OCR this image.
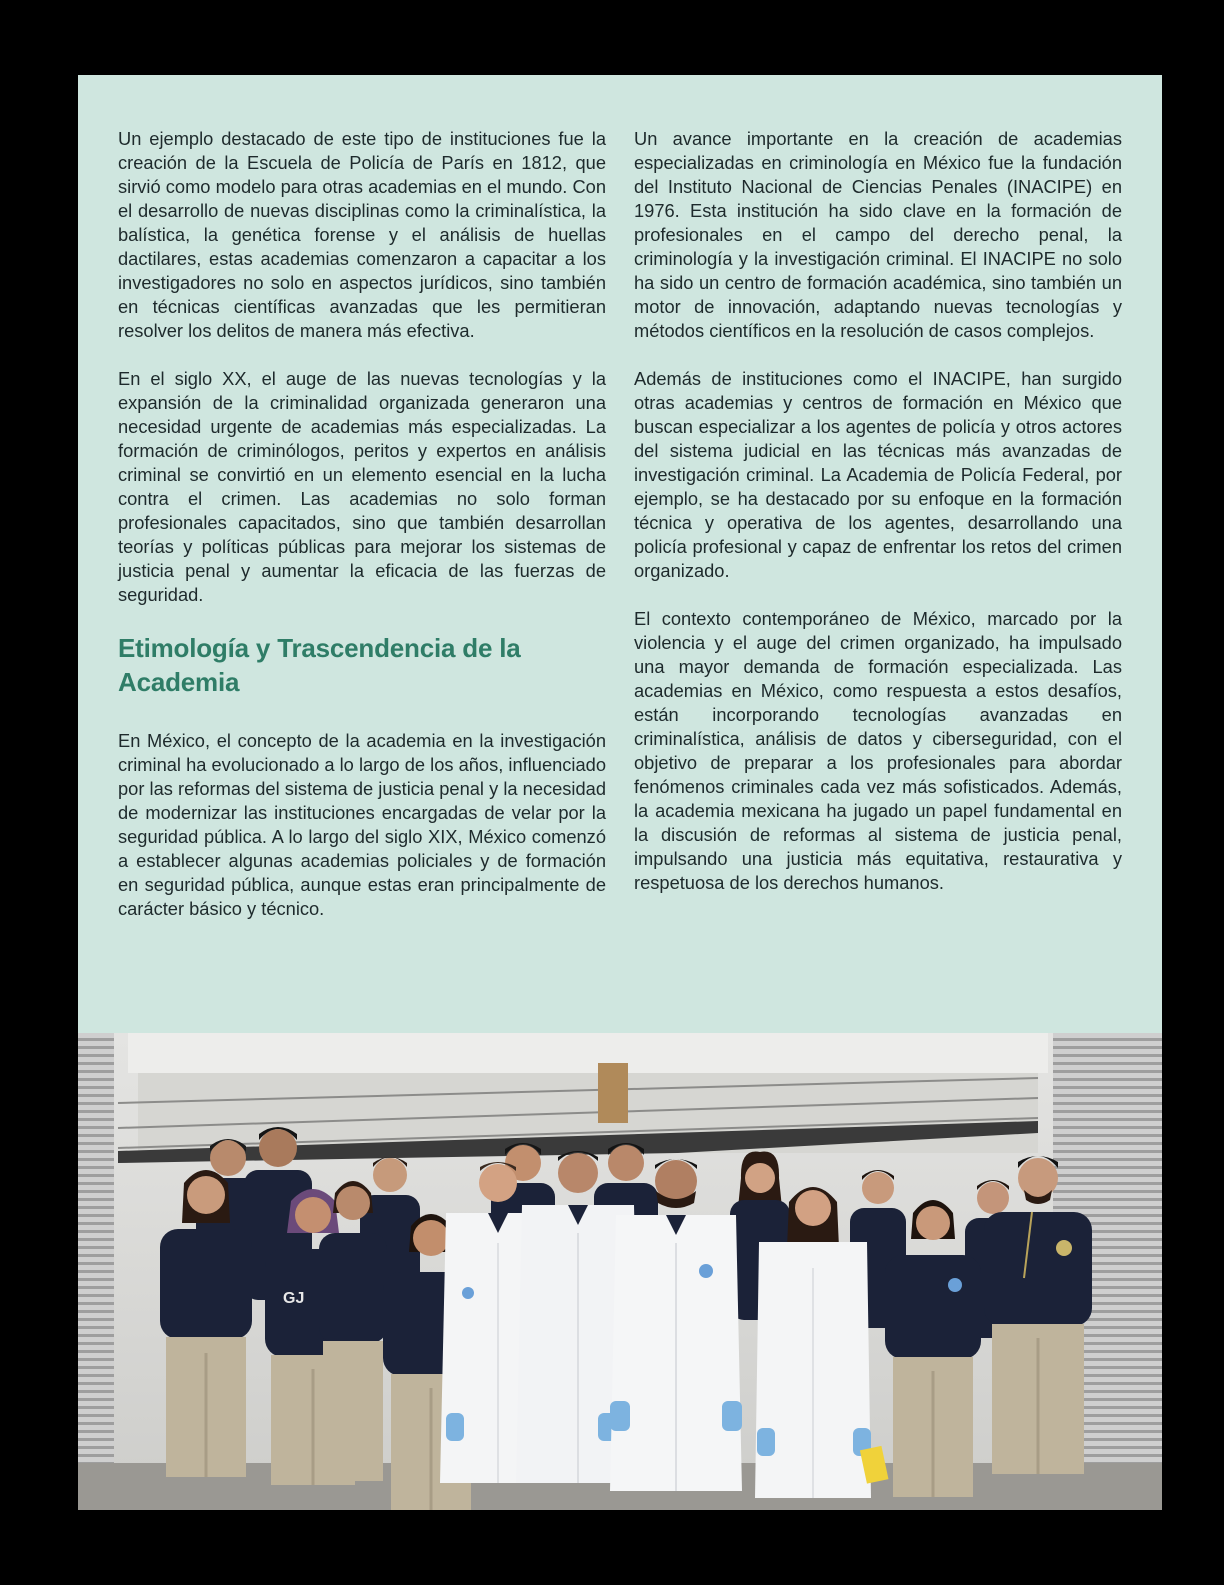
Un ejemplo destacado de este tipo de instituciones fue la creación de la Escuela de Policía de París en 1812, que sirvió como modelo para otras academias en el mundo. Con el desarrollo de nuevas disciplinas como la criminalística, la balística, la genética forense y el análisis de huellas dactilares, estas academias comenzaron a capacitar a los investigadores no solo en aspectos jurídicos, sino también en técnicas científicas avanzadas que les permitieran resolver los delitos de manera más efectiva.

En el siglo XX, el auge de las nuevas tecnologías y la expansión de la criminalidad organizada generaron una necesidad urgente de academias más especializadas. La formación de criminólogos, peritos y expertos en análisis criminal se convirtió en un elemento esencial en la lucha contra el crimen. Las academias no solo forman profesionales capacitados, sino que también desarrollan teorías y políticas públicas para mejorar los sistemas de justicia penal y aumentar la eficacia de las fuerzas de seguridad.

Etimología y Trascendencia de la Academia

En México, el concepto de la academia en la investigación criminal ha evolucionado a lo largo de los años, influenciado por las reformas del sistema de justicia penal y la necesidad de modernizar las instituciones encargadas de velar por la seguridad pública. A lo largo del siglo XIX, México comenzó a establecer algunas academias policiales y de formación en seguridad pública, aunque estas eran principalmente de carácter básico y técnico.

Un avance importante en la creación de academias especializadas en criminología en México fue la fundación del Instituto Nacional de Ciencias Penales (INACIPE) en 1976. Esta institución ha sido clave en la formación de profesionales en el campo del derecho penal, la criminología y la investigación criminal. El INACIPE no solo ha sido un centro de formación académica, sino también un motor de innovación, adaptando nuevas tecnologías y métodos científicos en la resolución de casos complejos.

Además de instituciones como el INACIPE, han surgido otras academias y centros de formación en México que buscan especializar a los agentes de policía y otros actores del sistema judicial en las técnicas más avanzadas de investigación criminal. La Academia de Policía Federal, por ejemplo, se ha destacado por su enfoque en la formación técnica y operativa de los agentes, desarrollando una policía profesional y capaz de enfrentar los retos del crimen organizado.

El contexto contemporáneo de México, marcado por la violencia y el auge del crimen organizado, ha impulsado una mayor demanda de formación especializada. Las academias en México, como respuesta a estos desafíos, están incorporando tecnologías avanzadas en criminalística, análisis de datos y ciberseguridad, con el objetivo de preparar a los profesionales para abordar fenómenos criminales cada vez más sofisticados. Además, la academia mexicana ha jugado un papel fundamental en la discusión de reformas al sistema de justicia penal, impulsando una justicia más equitativa, restaurativa y respetuosa de los derechos humanos.

GJ
